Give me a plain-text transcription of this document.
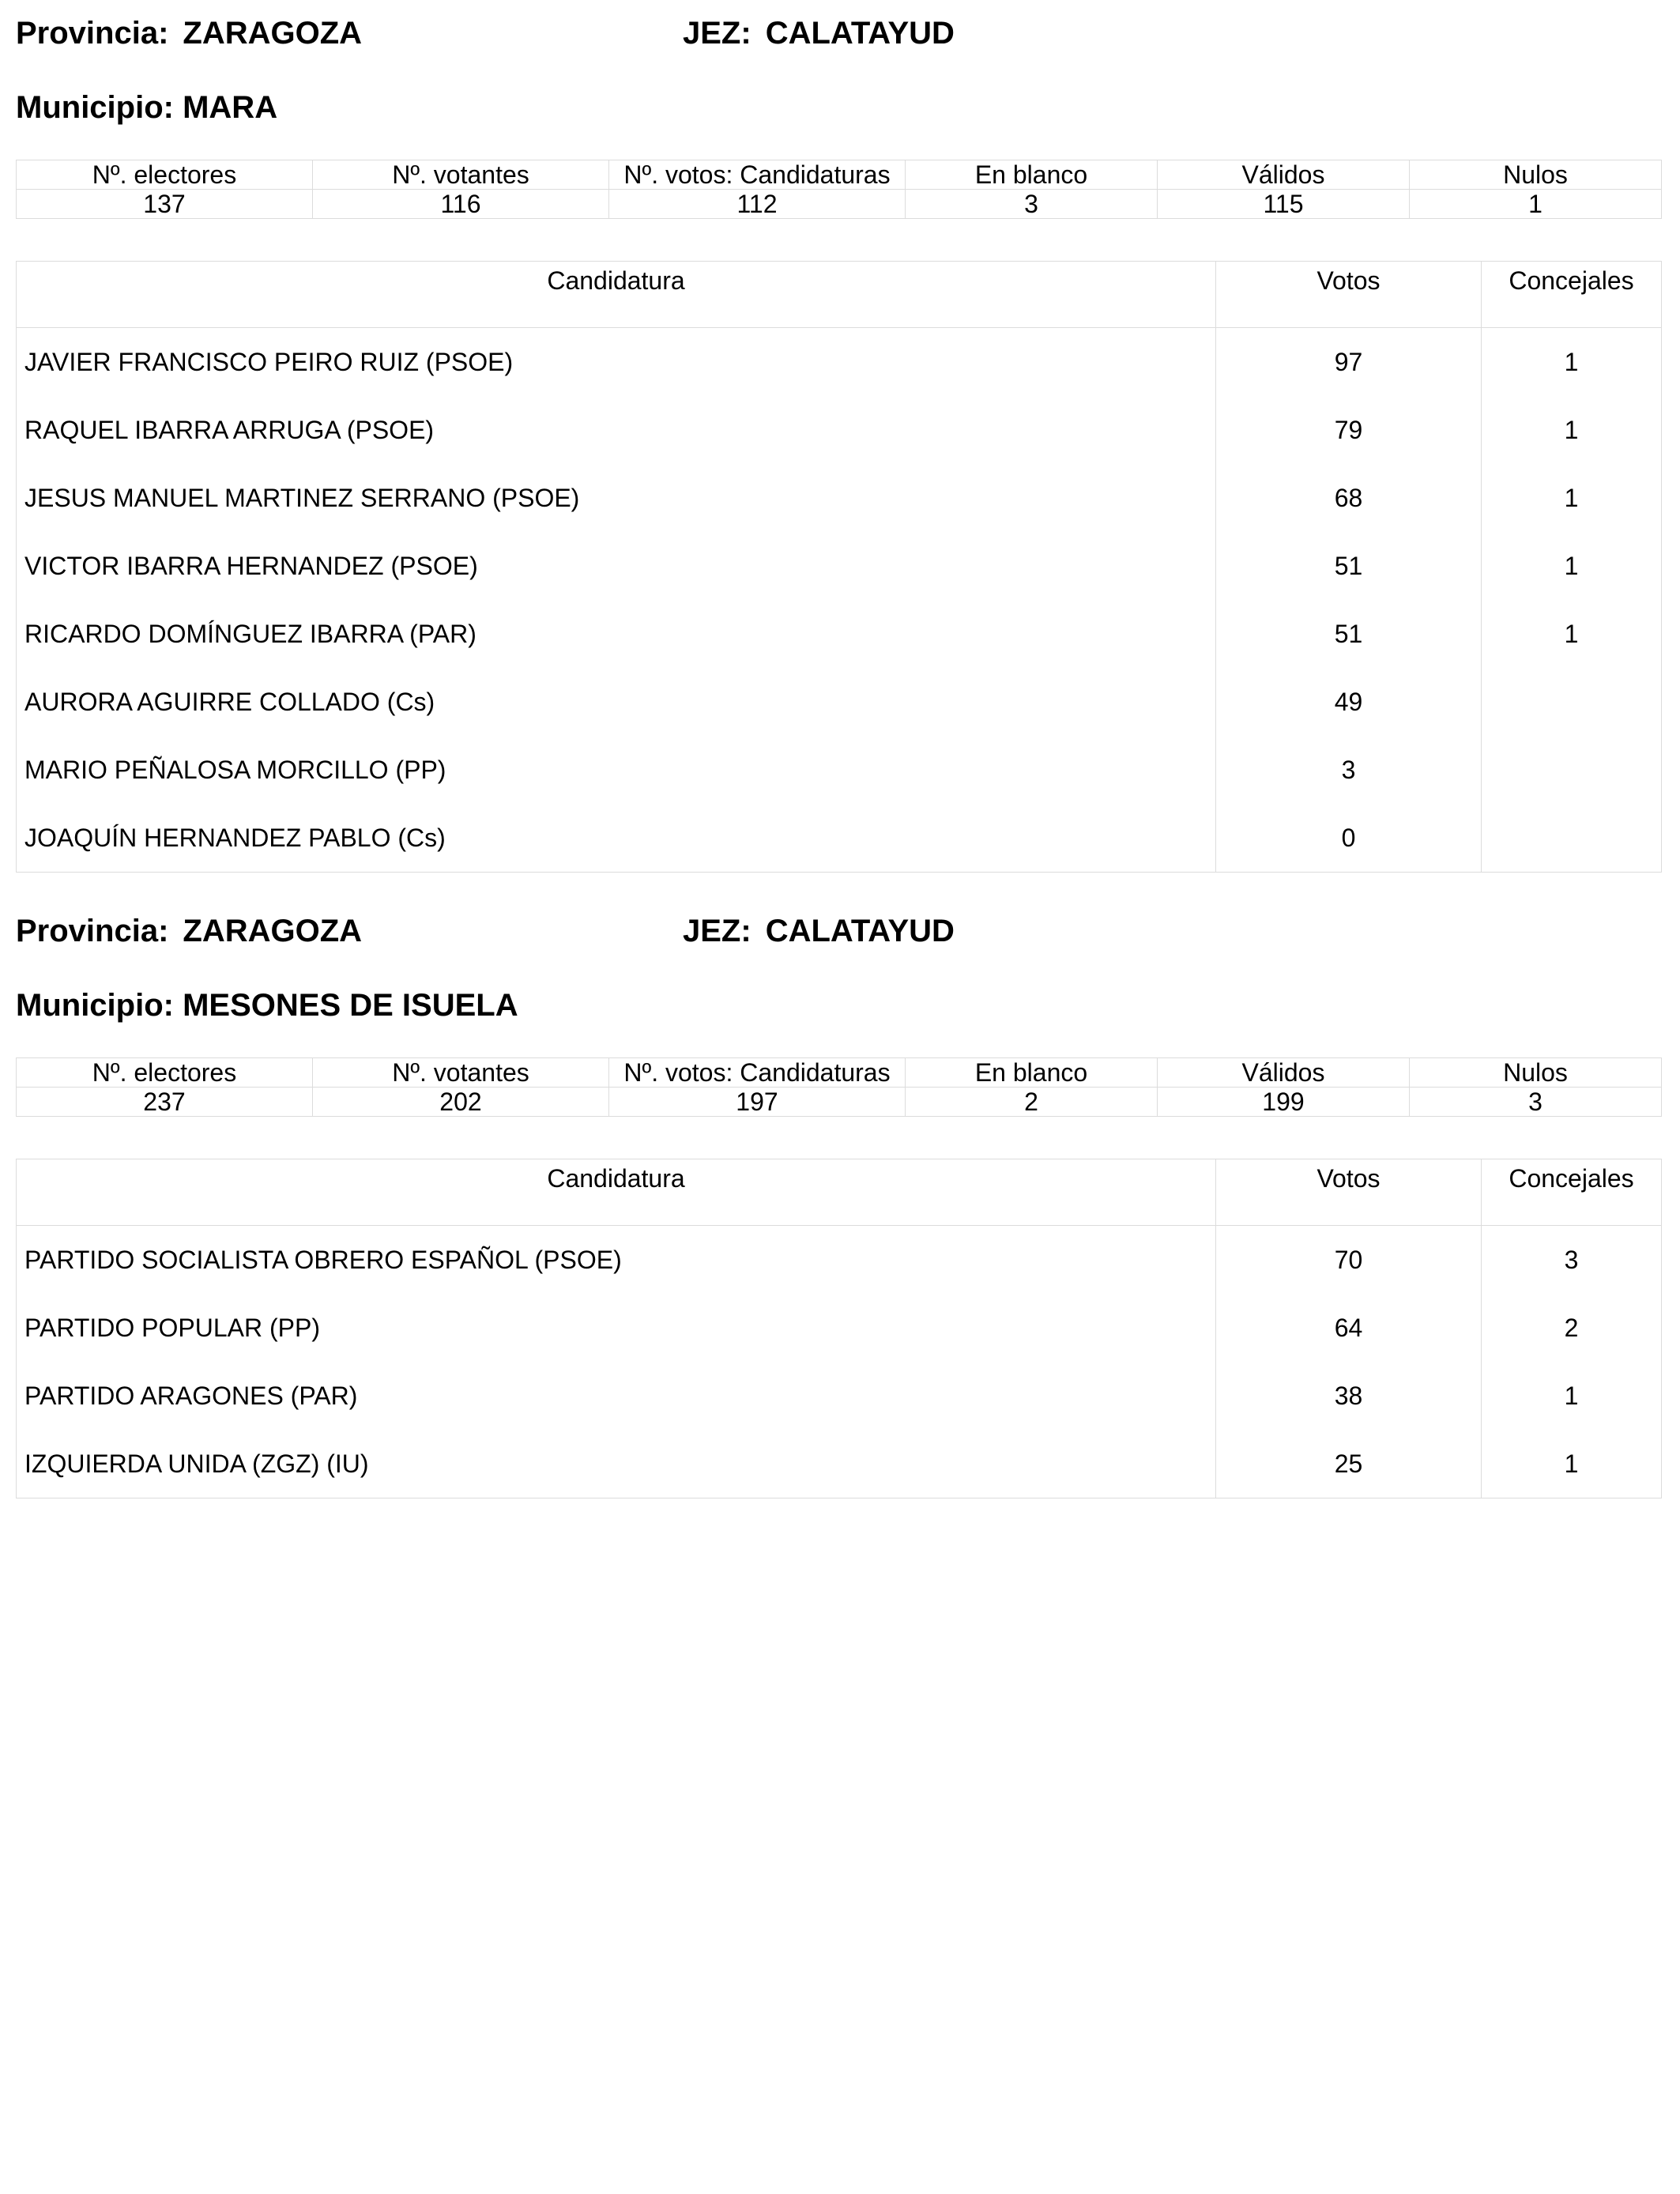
Provincia: ZARAGOZA	JEZ: CALATAYUD
Municipio: MARA
Nº. electores	Nº. votantes	Nº. votos: Candidaturas	En blanco	Válidos	Nulos
137	116	112	3	115	1
Candidatura	Votos	Concejales
JAVIER FRANCISCO PEIRO RUIZ (PSOE)	97	1
RAQUEL IBARRA ARRUGA (PSOE)	79	1
JESUS MANUEL MARTINEZ SERRANO (PSOE)	68	1
VICTOR IBARRA HERNANDEZ (PSOE)	51	1
RICARDO DOMÍNGUEZ IBARRA (PAR)	51	1
AURORA AGUIRRE COLLADO (Cs)	49	
MARIO PEÑALOSA MORCILLO (PP)	3	
JOAQUÍN HERNANDEZ PABLO (Cs)	0	
Provincia: ZARAGOZA	JEZ: CALATAYUD
Municipio: MESONES DE ISUELA
Nº. electores	Nº. votantes	Nº. votos: Candidaturas	En blanco	Válidos	Nulos
237	202	197	2	199	3
Candidatura	Votos	Concejales
PARTIDO SOCIALISTA OBRERO ESPAÑOL (PSOE)	70	3
PARTIDO POPULAR (PP)	64	2
PARTIDO ARAGONES (PAR)	38	1
IZQUIERDA UNIDA (ZGZ) (IU)	25	1
